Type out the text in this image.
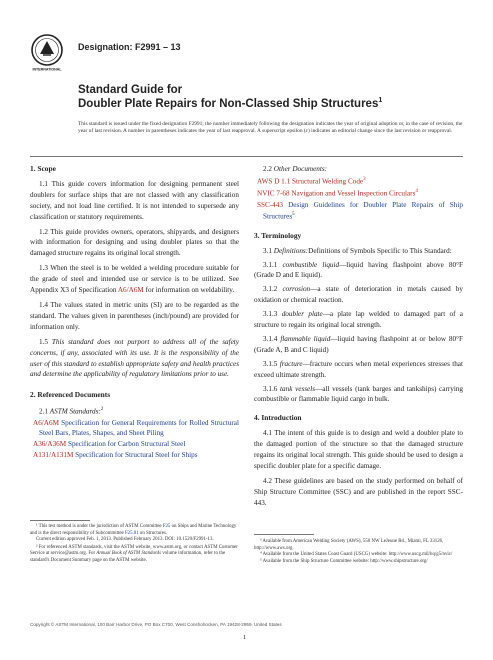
INTERNATIONAL
Designation: F2991 – 13
Standard Guide for
Doubler Plate Repairs for Non-Classed Ship Structures$^1$
This standard is issued under the fixed designation F2991; the number immediately following the designation indicates the year of original adoption or, in the case of revision, the year of last revision. A number in parentheses indicates the year of last reapproval. A superscript epsilon (ε) indicates an editorial change since the last revision or reapproval.

1. Scope

1.1 This guide covers information for designing permanent steel doublers for surface ships that are not classed with any classification society, and not load line certified. It is not intended to supersede any classification or statutory requirements.

1.2 This guide provides owners, operators, shipyards, and designers with information for designing and using doubler plates so that the damaged structure regains its original local strength.

1.3 When the steel is to be welded a welding procedure suitable for the grade of steel and intended use or service is to be utilized. See Appendix X3 of Specification A6/A6M for information on weldability.

1.4 The values stated in metric units (SI) are to be regarded as the standard. The values given in parentheses (inch/pound) are provided for information only.

1.5 This standard does not purport to address all of the safety concerns, if any, associated with its use. It is the responsibility of the user of this standard to establish appropriate safety and health practices and determine the applicability of regulatory limitations prior to use.

2. Referenced Documents

2.1 ASTM Standards:$^2$

A6/A6M Specification for General Requirements for Rolled Structural Steel Bars, Plates, Shapes, and Sheet Piling

A36/A36M Specification for Carbon Structural Steel

A131/A131M Specification for Structural Steel for Ships

¹ This test method is under the jurisdiction of ASTM Committee F25 on Ships and Marine Technology and is the direct responsibility of Subcommittee F25.01 on Structures.

Current edition approved Feb. 1, 2013. Published February 2013. DOI: 10.1520/F2991-13.

² For referenced ASTM standards, visit the ASTM website, www.astm.org, or contact ASTM Customer Service at service@astm.org. For Annual Book of ASTM Standards volume information, refer to the standard's Document Summary page on the ASTM website.

2.2 Other Documents:

AWS D 1.1 Structural Welding Code$^3$

NVIC 7-68 Navigation and Vessel Inspection Circulars$^4$

SSC-443 Design Guidelines for Doubler Plate Repairs of Ship Structures$^5$

3. Terminology

3.1 Definitions:Definitions of Symbols Specific to This Standard:

3.1.1 combustible liquid—liquid having flashpoint above 80°F (Grade D and E liquid).

3.1.2 corrosion—a state of deterioration in metals caused by oxidation or chemical reaction.

3.1.3 doubler plate—a plate lap welded to damaged part of a structure to regain its original local strength.

3.1.4 flammable liquid—liquid having flashpoint at or below 80°F (Grade A, B and C liquid)

3.1.5 fracture—fracture occurs when metal experiences stresses that exceed ultimate strength.

3.1.6 tank vessels—all vessels (tank barges and tankships) carrying combustible or flammable liquid cargo in bulk.

4. Introduction

4.1 The intent of this guide is to design and weld a doubler plate to the damaged portion of the structure so that the damaged structure regains its original local strength. This guide should be used to design a specific doubler plate for a specific damage.

4.2 These guidelines are based on the study performed on behalf of Ship Structure Committee (SSC) and are published in the report SSC-443.

³ Available from American Welding Society (AWS), 550 NW LeJeune Rd., Miami, FL 33126, http://www.aws.org.

⁴ Available from the United States Coast Guard (USCG) website: http://www.uscg.mil/hq/g5/nvic/

⁵ Available from the Ship Structure Committee website: http://www.shipstructure.org/

Copyright © ASTM International, 100 Barr Harbor Drive, PO Box C700, West Conshohocken, PA 19428-2959. United States
1
